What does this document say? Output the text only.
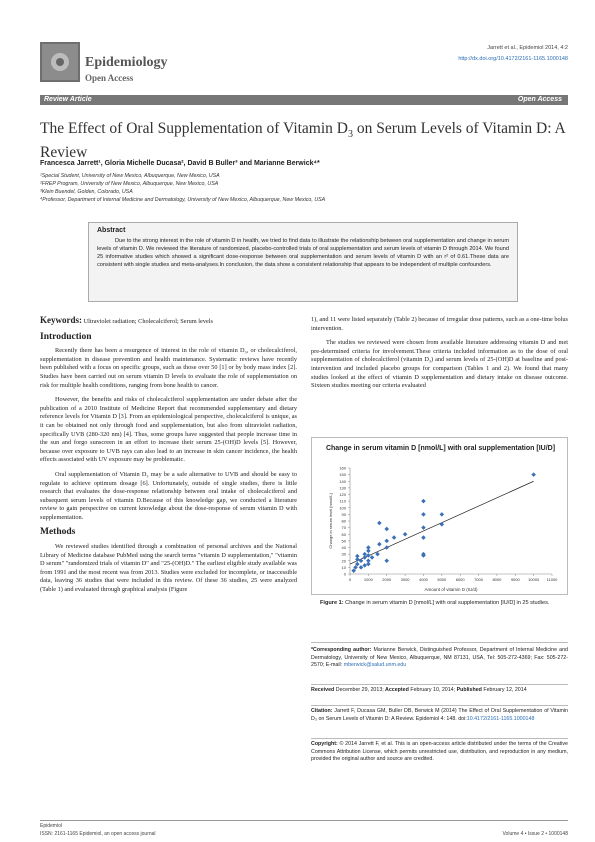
Epidemiology
Open Access
Jarrett et al., Epidemiol 2014, 4:2
http://dx.doi.org/10.4172/2161-1165.1000148
Review Article	Open Access
The Effect of Oral Supplementation of Vitamin $D_3$ on Serum Levels of Vitamin D: A Review
Francesca Jarrett¹, Gloria Michelle Ducasa², David B Buller³ and Marianne Berwick⁴*
¹Special Student, University of New Mexico, Albuquerque, New Mexico, USA
²FREP Program, University of New Mexico, Albuquerque, New Mexico, USA
³Klein Buendel, Golden, Colorado, USA
⁴Professor, Department of Internal Medicine and Dermatology, University of New Mexico, Albuquerque, New Mexico, USA
Abstract
Due to the strong interest in the role of vitamin D in health, we tried to find data to illustrate the relationship between oral supplementation and change in serum levels of vitamin D. We reviewed the literature of randomized, placebo-controlled trials of oral supplementation and serum levels of vitamin D through 2014. We found 25 informative studies which showed a significant dose-response between oral supplementation and serum levels of vitamin D with an r² of 0.61.These data are consistent with single studies and meta-analyses.In conclusion, the data show a consistent relationship that appears to be independent of multiple confounders.

Keywords: Ultraviolet radiation; Cholecalciferol; Serum levels

Introduction

Recently there has been a resurgence of interest in the role of vitamin D₃, or cholecalciferol, supplementation in disease prevention and health maintenance. Systematic reviews have recently been published with a focus on specific groups, such as those over 50 [1] or by body mass index [2]. Studies have been carried out on serum vitamin D levels to evaluate the role of supplementation on risk for multiple health conditions, ranging from bone health to cancer.

However, the benefits and risks of cholecalciferol supplementation are under debate after the publication of a 2010 Institute of Medicine Report that recommended supplementary and dietary reference levels for Vitamin D [3]. From an epidemiological perspective, cholecalciferol is unique, as it can be obtained not only through food and supplementation, but also from ultraviolet radiation, specifically UVB (280-320 nm) [4]. Thus, some groups have suggested that people increase time in the sun and forgo sunscreen in an effort to increase their serum 25-(OH)D levels [5]. However, because over exposure to UVB rays can also lead to an increase in skin cancer incidence, the health effects associated with UV exposure may be problematic.

Oral supplementation of Vitamin D₃ may be a safe alternative to UVB and should be easy to regulate to achieve optimum dosage [6]. Unfortunately, outside of single studies, there is little research that evaluates the dose-response relationship between oral intake of cholecalciferol and subsequent serum levels of vitamin D.Because of this knowledge gap, we conducted a literature review to gain perspective on current knowledge about the dose-response of serum vitamin D with supplementation.

Methods

We reviewed studies identified through a combination of personal archives and the National Library of Medicine database PubMed using the search terms "vitamin D supplementation," "vitamin D serum" "randomized trials of vitamin D" and "25-(OH)D." The earliest eligible study available was from 1991 and the most recent was from 2013. Studies were excluded for incomplete, or inaccessible data, leaving 36 studies that were included in this review. Of these 36 studies, 25 were analyzed (Table 1) and evaluated through graphical analysis (Figure

1), and 11 were listed separately (Table 2) because of irregular dose patterns, such as a one-time bolus intervention.

The studies we reviewed were chosen from available literature addressing vitamin D and met pre-determined criteria for involvement.These criteria included information as to the dose of oral supplementation of cholecalciferol (vitamin D₃) and serum levels of 25-(OH)D at baseline and post-intervention and included placebo groups for comparison (Tables 1 and 2). We found that many studies looked at the effect of vitamin D supplementation and dietary intake on disease outcome. Sixteen studies meeting our criteria evaluated

Change in serum vitamin D [nmol/L] with oral supplementation [IU/D]
0
10
20
30
40
50
60
70
80
90
100
110
120
130
140
150
160
0	1000 2000 3000 4000 5000 6000 7000 8000 9000 10000 11000
Amount of vitamin D (IU/d)
Change in serum level [nmol/L]
Figure 1: Change in serum vitamin D [nmol/L] with oral supplementation [IU/D] in 25 studies.
*Corresponding author: Marianne Berwick, Distinguished Professor, Department of Internal Medicine and Dermatology, University of New Mexico, Albuquerque, NM 87131, USA, Tel: 505-272-4369; Fax: 505-272-2570; E-mail: mberwick@salud.unm.edu
Received December 29, 2013; Accepted February 10, 2014; Published February 12, 2014
Citation: Jarrett F, Ducasa GM, Buller DB, Berwick M (2014) The Effect of Oral Supplementation of Vitamin D₃ on Serum Levels of Vitamin D: A Review. Epidemiol 4: 148. doi:10.4172/2161-1165.1000148
Copyright: © 2014 Jarrett F, et al. This is an open-access article distributed under the terms of the Creative Commons Attribution License, which permits unrestricted use, distribution, and reproduction in any medium, provided the original author and source are credited.
Epidemiol
ISSN: 2161-1165 Epidemiol, an open access journal	Volume 4 • Issue 2 • 1000148
